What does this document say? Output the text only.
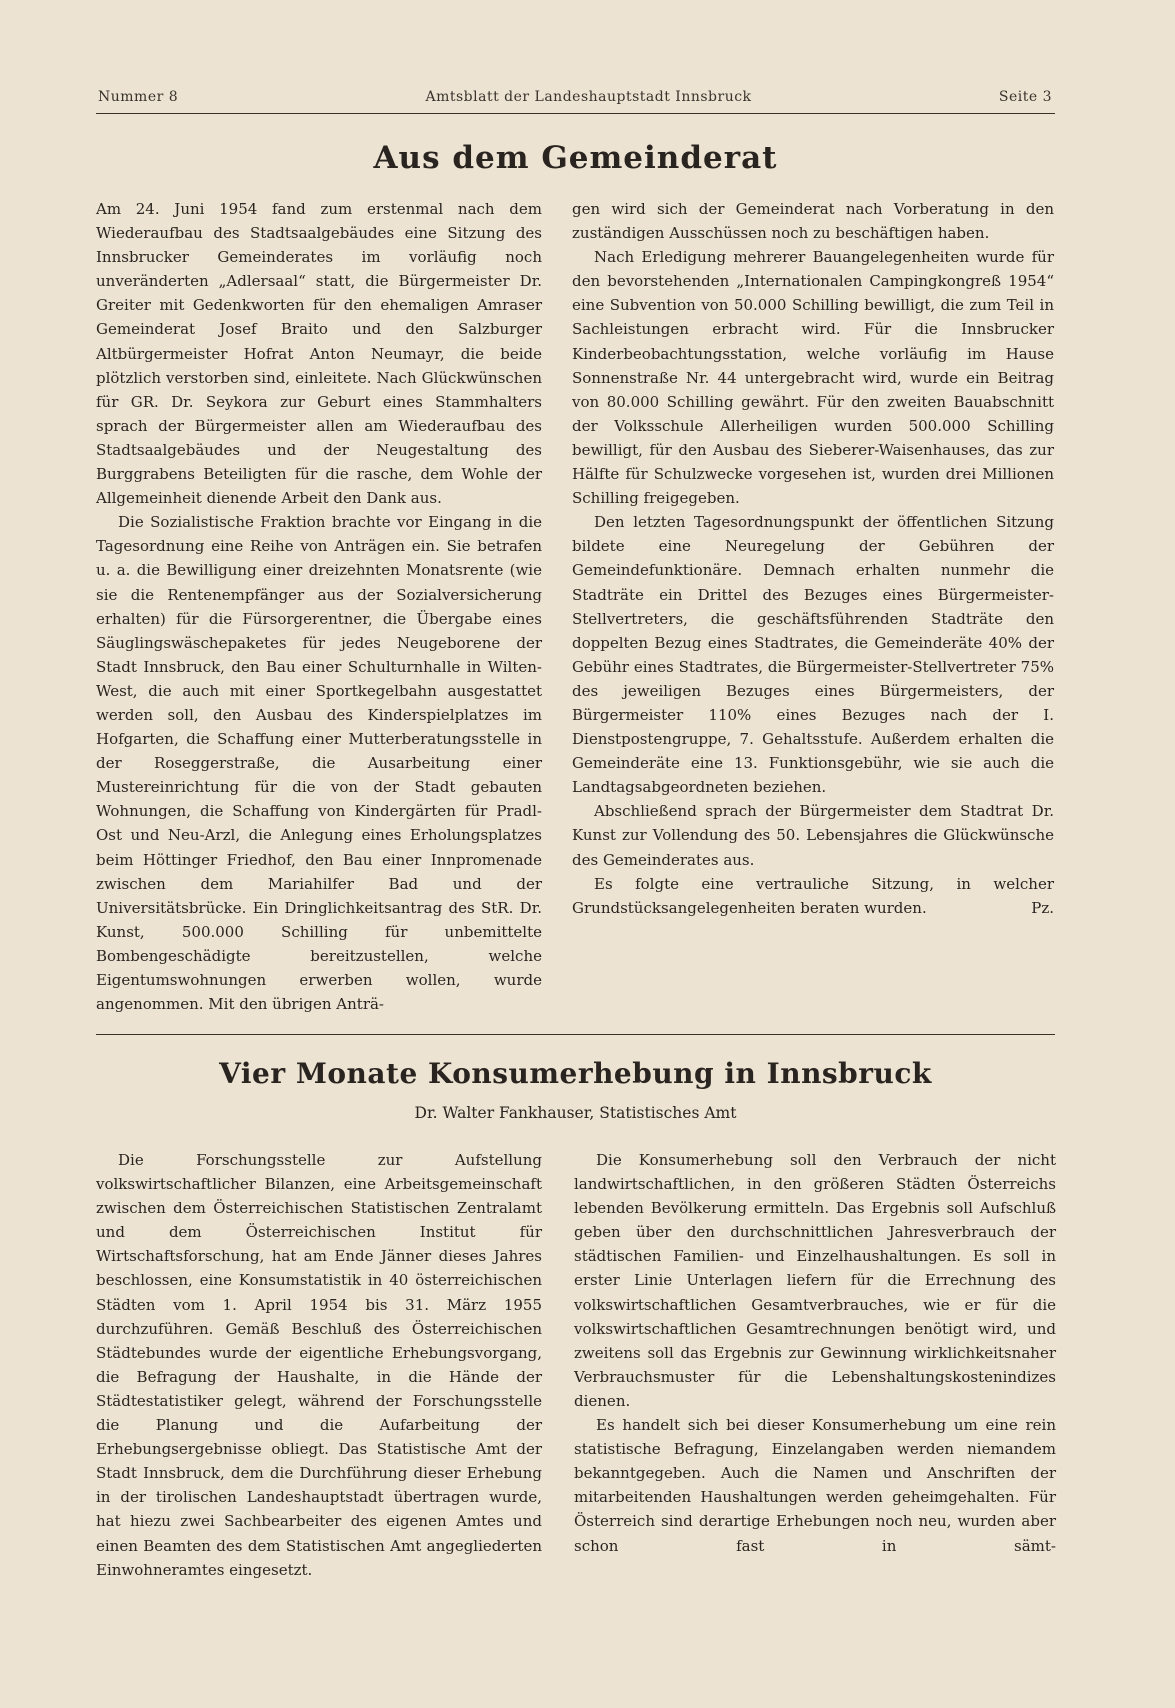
Nummer 8	Amtsblatt der Landeshauptstadt Innsbruck	Seite 3
Aus dem Gemeinderat

Am 24. Juni 1954 fand zum erstenmal nach dem Wiederaufbau des Stadtsaalgebäudes eine Sitzung des Innsbrucker Gemeinderates im vorläufig noch unveränderten „Adlersaal“ statt, die Bürgermeister Dr. Greiter mit Gedenkworten für den ehemaligen Amraser Gemeinderat Josef Braito und den Salzburger Altbürgermeister Hofrat Anton Neumayr, die beide plötzlich verstorben sind, einleitete. Nach Glückwünschen für GR. Dr. Seykora zur Geburt eines Stammhalters sprach der Bürgermeister allen am Wiederaufbau des Stadtsaalgebäudes und der Neugestaltung des Burggrabens Beteiligten für die rasche, dem Wohle der Allgemeinheit dienende Arbeit den Dank aus.

Die Sozialistische Fraktion brachte vor Eingang in die Tagesordnung eine Reihe von Anträgen ein. Sie betrafen u. a. die Bewilligung einer dreizehnten Monatsrente (wie sie die Rentenempfänger aus der Sozialversicherung erhalten) für die Fürsorgerentner, die Übergabe eines Säuglingswäschepaketes für jedes Neugeborene der Stadt Innsbruck, den Bau einer Schulturnhalle in Wilten-West, die auch mit einer Sportkegelbahn ausgestattet werden soll, den Ausbau des Kinderspielplatzes im Hofgarten, die Schaffung einer Mutterberatungsstelle in der Roseggerstraße, die Ausarbeitung einer Mustereinrichtung für die von der Stadt gebauten Wohnungen, die Schaffung von Kindergärten für Pradl-Ost und Neu-Arzl, die Anlegung eines Erholungsplatzes beim Höttinger Friedhof, den Bau einer Innpromenade zwischen dem Mariahilfer Bad und der Universitätsbrücke. Ein Dringlichkeitsantrag des StR. Dr. Kunst, 500.000 Schilling für unbemittelte Bombengeschädigte bereitzustellen, welche Eigentumswohnungen erwerben wollen, wurde angenommen. Mit den übrigen Anträ-

gen wird sich der Gemeinderat nach Vorberatung in den zuständigen Ausschüssen noch zu beschäftigen haben.

Nach Erledigung mehrerer Bauangelegenheiten wurde für den bevorstehenden „Internationalen Campingkongreß 1954“ eine Subvention von 50.000 Schilling bewilligt, die zum Teil in Sachleistungen erbracht wird. Für die Innsbrucker Kinderbeobachtungsstation, welche vorläufig im Hause Sonnenstraße Nr. 44 untergebracht wird, wurde ein Beitrag von 80.000 Schilling gewährt. Für den zweiten Bauabschnitt der Volksschule Allerheiligen wurden 500.000 Schilling bewilligt, für den Ausbau des Sieberer-Waisenhauses, das zur Hälfte für Schulzwecke vorgesehen ist, wurden drei Millionen Schilling freigegeben.

Den letzten Tagesordnungspunkt der öffentlichen Sitzung bildete eine Neuregelung der Gebühren der Gemeindefunktionäre. Demnach erhalten nunmehr die Stadträte ein Drittel des Bezuges eines Bürgermeister-Stellvertreters, die geschäftsführenden Stadträte den doppelten Bezug eines Stadtrates, die Gemeinderäte 40% der Gebühr eines Stadtrates, die Bürgermeister-Stellvertreter 75% des jeweiligen Bezuges eines Bürgermeisters, der Bürgermeister 110% eines Bezuges nach der I. Dienstpostengruppe, 7. Gehaltsstufe. Außerdem erhalten die Gemeinderäte eine 13. Funktionsgebühr, wie sie auch die Landtagsabgeordneten beziehen.

Abschließend sprach der Bürgermeister dem Stadtrat Dr. Kunst zur Vollendung des 50. Lebensjahres die Glückwünsche des Gemeinderates aus.

Es folgte eine vertrauliche Sitzung, in welcher Grundstücksangelegenheiten beraten wurden.	Pz.

Vier Monate Konsumerhebung in Innsbruck
Dr. Walter Fankhauser, Statistisches Amt

Die Forschungsstelle zur Aufstellung volkswirtschaftlicher Bilanzen, eine Arbeitsgemeinschaft zwischen dem Österreichischen Statistischen Zentralamt und dem Österreichischen Institut für Wirtschaftsforschung, hat am Ende Jänner dieses Jahres beschlossen, eine Konsumstatistik in 40 österreichischen Städten vom 1. April 1954 bis 31. März 1955 durchzuführen. Gemäß Beschluß des Österreichischen Städtebundes wurde der eigentliche Erhebungsvorgang, die Befragung der Haushalte, in die Hände der Städtestatistiker gelegt, während der Forschungsstelle die Planung und die Aufarbeitung der Erhebungsergebnisse obliegt. Das Statistische Amt der Stadt Innsbruck, dem die Durchführung dieser Erhebung in der tirolischen Landeshauptstadt übertragen wurde, hat hiezu zwei Sachbearbeiter des eigenen Amtes und einen Beamten des dem Statistischen Amt angegliederten Einwohneramtes eingesetzt.

Die Konsumerhebung soll den Verbrauch der nicht landwirtschaftlichen, in den größeren Städten Österreichs lebenden Bevölkerung ermitteln. Das Ergebnis soll Aufschluß geben über den durchschnittlichen Jahresverbrauch der städtischen Familien- und Einzelhaushaltungen. Es soll in erster Linie Unterlagen liefern für die Errechnung des volkswirtschaftlichen Gesamtverbrauches, wie er für die volkswirtschaftlichen Gesamtrechnungen benötigt wird, und zweitens soll das Ergebnis zur Gewinnung wirklichkeitsnaher Verbrauchsmuster für die Lebenshaltungskostenindizes dienen.

Es handelt sich bei dieser Konsumerhebung um eine rein statistische Befragung, Einzelangaben werden niemandem bekanntgegeben. Auch die Namen und Anschriften der mitarbeitenden Haushaltungen werden geheimgehalten. Für Österreich sind derartige Erhebungen noch neu, wurden aber schon fast in sämt-
